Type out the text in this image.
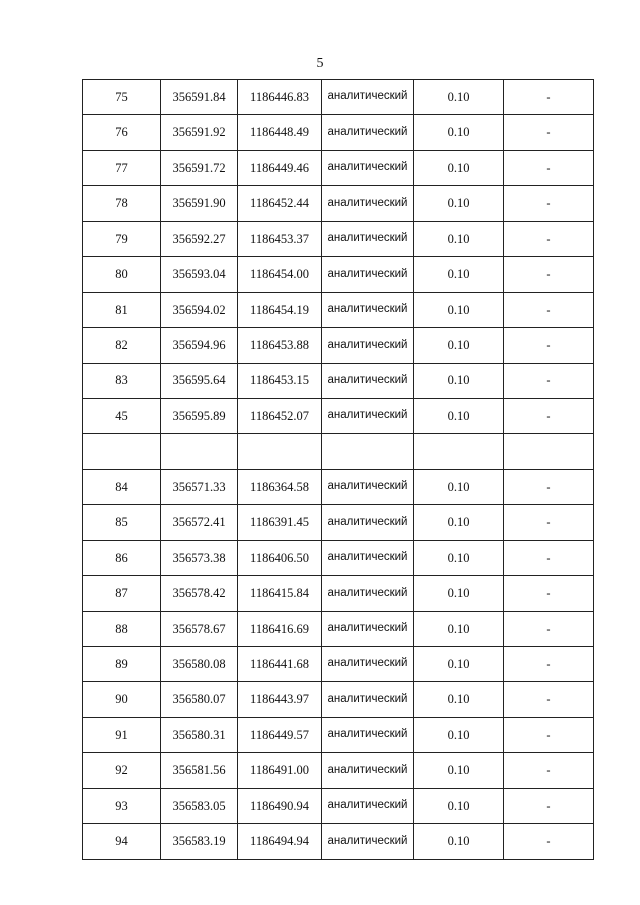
5
75	356591.84	1186446.83	аналитический	0.10	-
76	356591.92	1186448.49	аналитический	0.10	-
77	356591.72	1186449.46	аналитический	0.10	-
78	356591.90	1186452.44	аналитический	0.10	-
79	356592.27	1186453.37	аналитический	0.10	-
80	356593.04	1186454.00	аналитический	0.10	-
81	356594.02	1186454.19	аналитический	0.10	-
82	356594.96	1186453.88	аналитический	0.10	-
83	356595.64	1186453.15	аналитический	0.10	-
45	356595.89	1186452.07	аналитический	0.10	-

84	356571.33	1186364.58	аналитический	0.10	-
85	356572.41	1186391.45	аналитический	0.10	-
86	356573.38	1186406.50	аналитический	0.10	-
87	356578.42	1186415.84	аналитический	0.10	-
88	356578.67	1186416.69	аналитический	0.10	-
89	356580.08	1186441.68	аналитический	0.10	-
90	356580.07	1186443.97	аналитический	0.10	-
91	356580.31	1186449.57	аналитический	0.10	-
92	356581.56	1186491.00	аналитический	0.10	-
93	356583.05	1186490.94	аналитический	0.10	-
94	356583.19	1186494.94	аналитический	0.10	-
